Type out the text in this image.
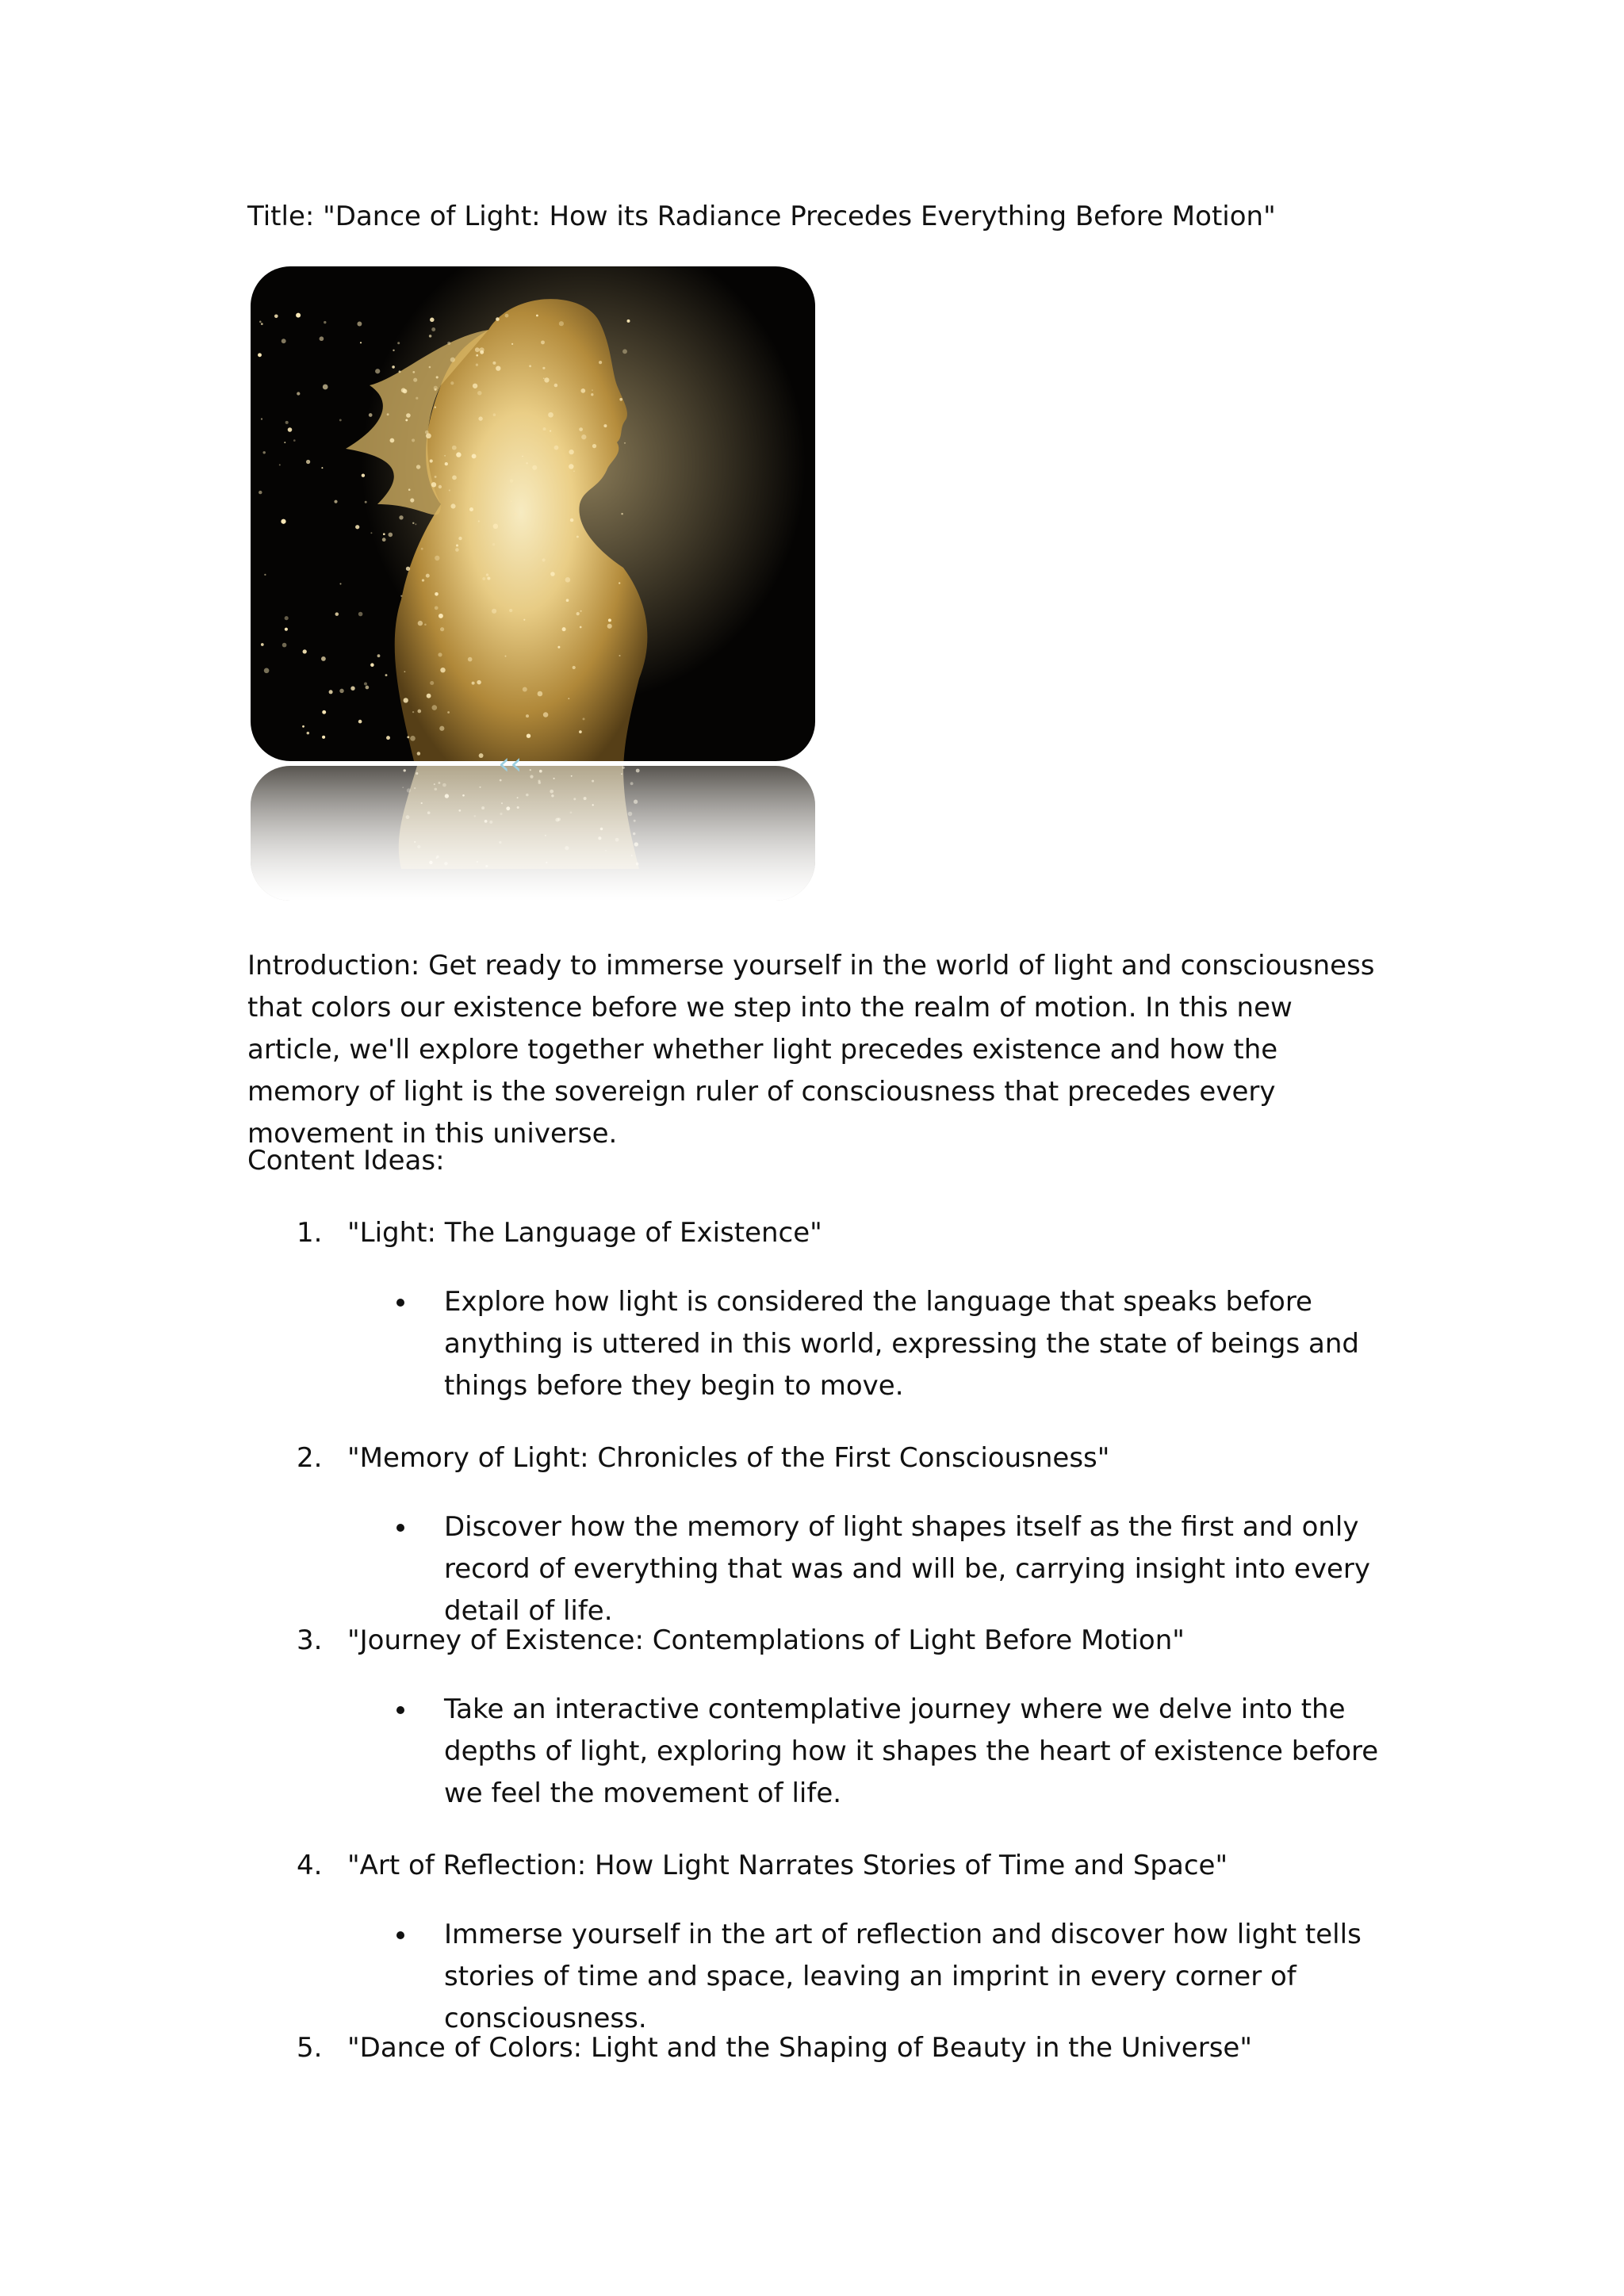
Title: "Dance of Light: How its Radiance Precedes Everything Before Motion"
‹‹
Introduction: Get ready to immerse yourself in the world of light and consciousness that colors our existence before we step into the realm of motion. In this new article, we'll explore together whether light precedes existence and how the memory of light is the sovereign ruler of consciousness that precedes every movement in this universe.
Content Ideas:
1. "Light: The Language of Existence"
Explore how light is considered the language that speaks before anything is uttered in this world, expressing the state of beings and things before they begin to move.
2. "Memory of Light: Chronicles of the First Consciousness"
Discover how the memory of light shapes itself as the first and only record of everything that was and will be, carrying insight into every detail of life.
3. "Journey of Existence: Contemplations of Light Before Motion"
Take an interactive contemplative journey where we delve into the depths of light, exploring how it shapes the heart of existence before we feel the movement of life.
4. "Art of Reflection: How Light Narrates Stories of Time and Space"
Immerse yourself in the art of reflection and discover how light tells stories of time and space, leaving an imprint in every corner of consciousness.
5. "Dance of Colors: Light and the Shaping of Beauty in the Universe"
